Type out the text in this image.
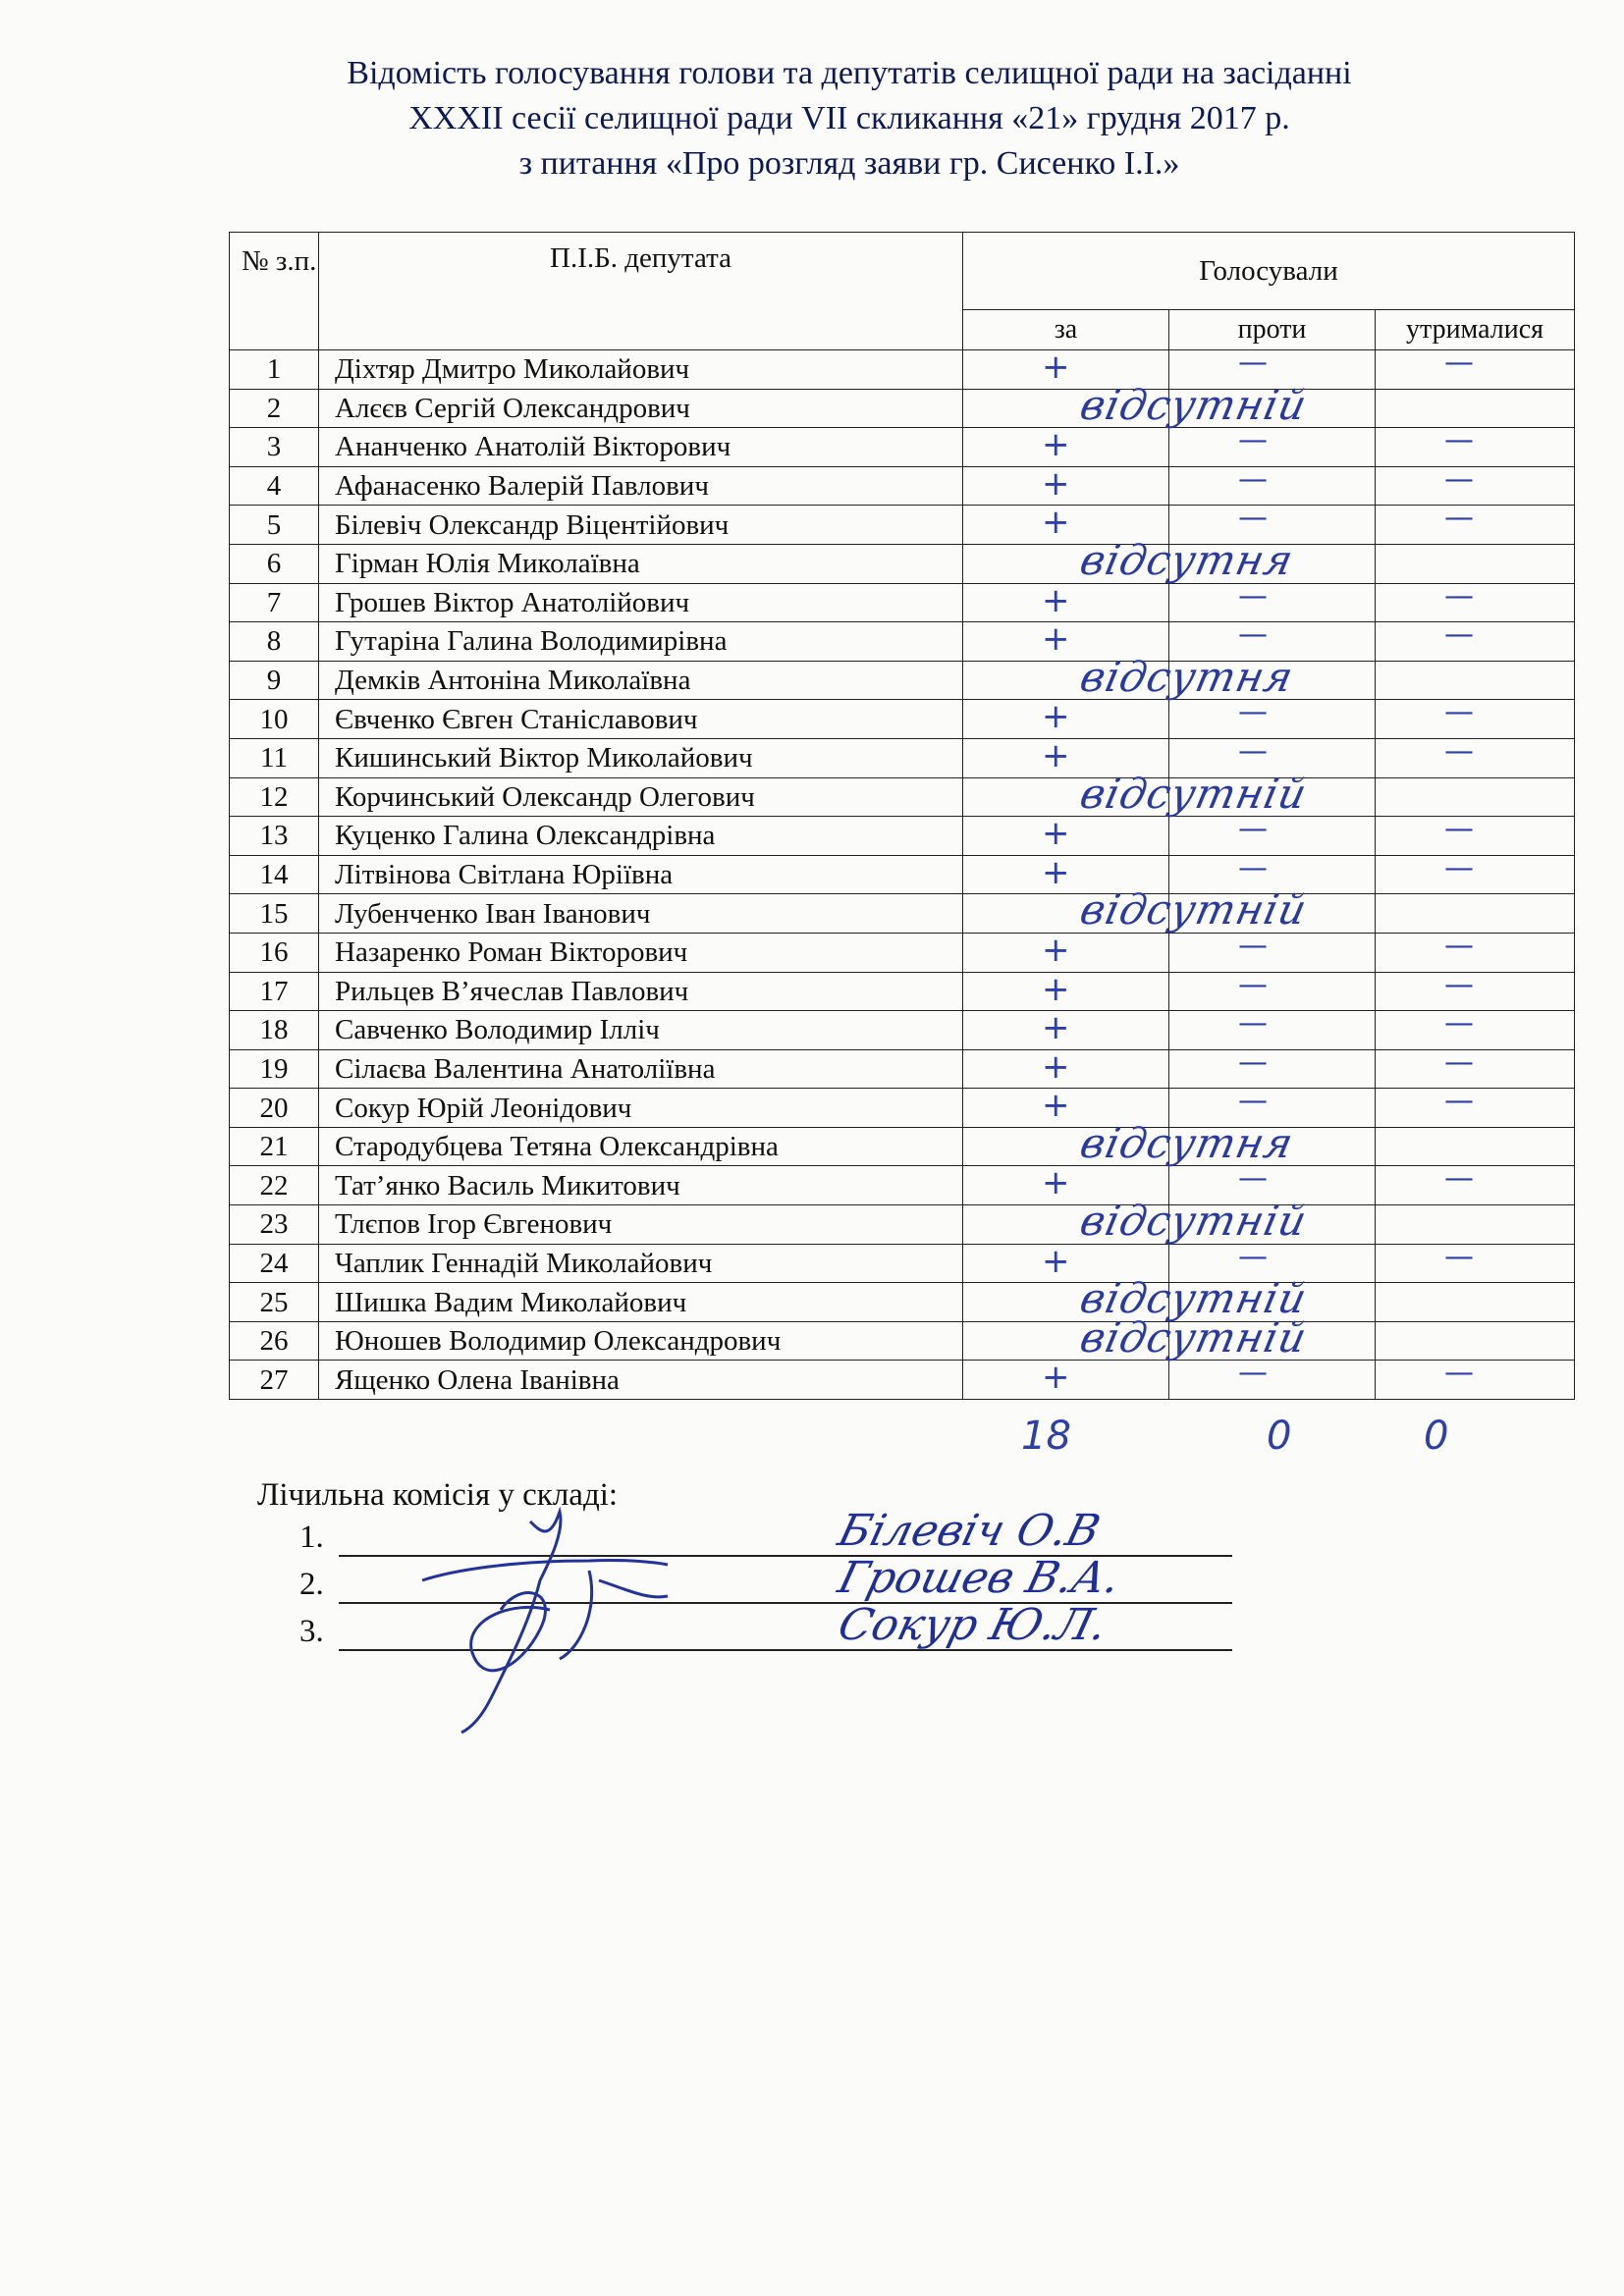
Відомість голосування голови та депутатів селищної ради на засіданні
XXXII сесії селищної ради VII скликання «21» грудня 2017 р.
з питання «Про розгляд заяви гр. Сисенко І.І.»
№ з.п.	П.І.Б. депутата	Голосували		
		за	проти	утрималися
1	Діхтяр Дмитро Миколайович	+	—	—

2	Алєєв Сергій Олександрович	відсутній		

3	Ананченко Анатолій Вікторович	+	—	—

4	Афанасенко Валерій Павлович	+	—	—

5	Білевіч Олександр Віцентійович	+	—	—

6	Гірман Юлія Миколаївна	відсутня		

7	Грошев Віктор Анатолійович	+	—	—

8	Гутаріна Галина Володимирівна	+	—	—

9	Демків Антоніна Миколаївна	відсутня		

10	Євченко Євген Станіславович	+	—	—

11	Кишинський Віктор Миколайович	+	—	—

12	Корчинський Олександр Олегович	відсутній		

13	Куценко Галина Олександрівна	+	—	—

14	Літвінова Світлана Юріївна	+	—	—

15	Лубенченко Іван Іванович	відсутній		

16	Назаренко Роман Вікторович	+	—	—

17	Рильцев В’ячеслав Павлович	+	—	—

18	Савченко Володимир Ілліч	+	—	—

19	Сілаєва Валентина Анатоліївна	+	—	—

20	Сокур Юрій Леонідович	+	—	—

21	Стародубцева Тетяна Олександрівна	відсутня		

22	Тат’янко Василь Микитович	+	—	—

23	Тлєпов Ігор Євгенович	відсутній		

24	Чаплик Геннадій Миколайович	+	—	—

25	Шишка Вадим Миколайович	відсутній		

26	Юношев Володимир Олександрович	відсутній		

27	Ященко Олена Іванівна	+	—	—
18	0	0
Лічильна комісія у складі:
1.	Білевіч О.В
2.	Грошев В.А.
3.	Сокур Ю.Л.
